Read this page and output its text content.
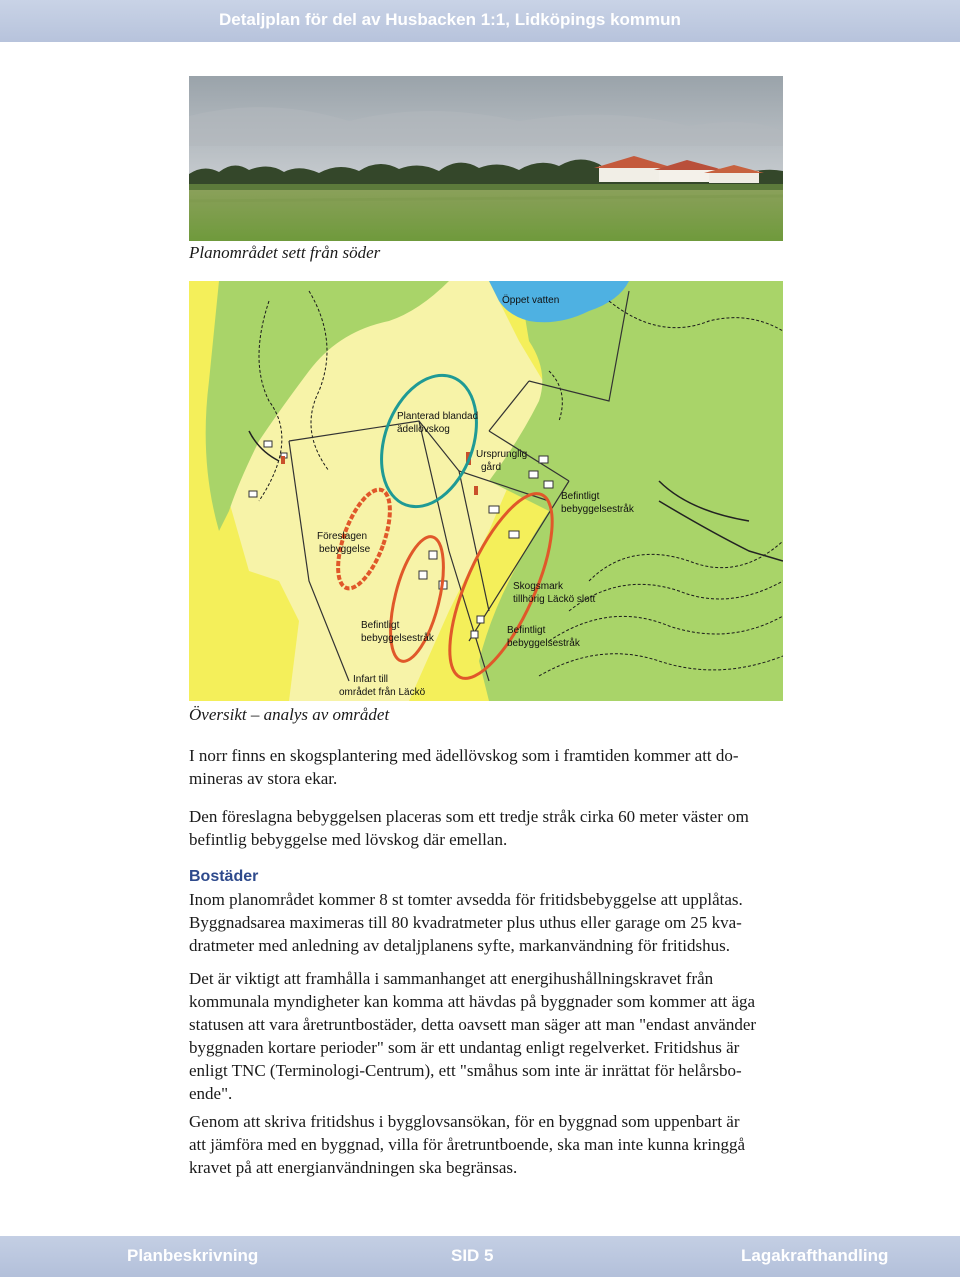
Detaljplan för del av Husbacken 1:1, Lidköpings kommun
Planområdet sett från söder
Öppet vatten
Planterad blandad
ädellövskog
Ursprunglig
gård
Befintligt
bebyggelsestråk
Föreslagen
bebyggelse
Skogsmark
tillhörig Läckö slott
Befintligt
bebyggelsestråk
Befintligt
bebyggelsestråk
Infart till
området från Läckö
Översikt – analys av området

I norr finns en skogsplantering med ädellövskog som i framtiden kommer att do-

mineras av stora ekar.

Den föreslagna bebyggelsen placeras som ett tredje stråk cirka 60 meter väster om

befintlig bebyggelse med lövskog där emellan.

Bostäder

Inom planområdet kommer 8 st tomter avsedda för fritidsbebyggelse att upplåtas.

Byggnadsarea maximeras till 80 kvadratmeter plus uthus eller garage om 25 kva-

dratmeter med anledning av detaljplanens syfte, markanvändning för fritidshus.

Det är viktigt att framhålla i sammanhanget att energihushållningskravet från

kommunala myndigheter kan komma att hävdas på byggnader som kommer att äga

statusen att vara åretruntbostäder, detta oavsett man säger att man "endast använder

byggnaden kortare perioder" som är ett undantag enligt regelverket. Fritidshus är

enligt TNC (Terminologi-Centrum), ett "småhus som inte är inrättat för helårsbo-

ende".

Genom att skriva fritidshus i bygglovsansökan, för en byggnad som uppenbart är

att jämföra med en byggnad, villa för åretruntboende, ska man inte kunna kringgå

kravet på att energianvändningen ska begränsas.

Planbeskrivning	SID 5	Lagakrafthandling
